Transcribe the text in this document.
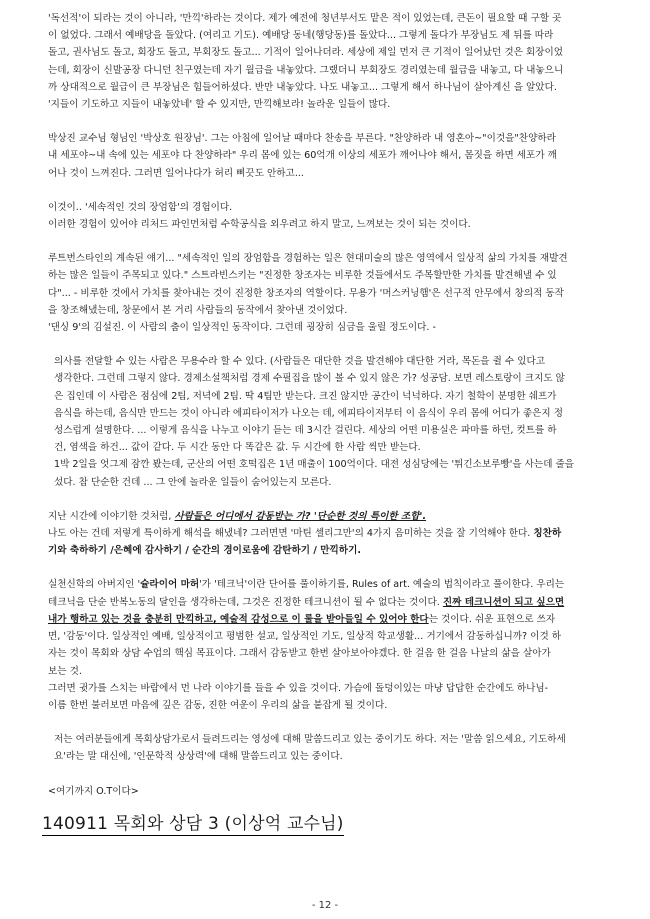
'독선적'이 되라는 것이 아니라, '만끽'하라는 것이다. 제가 예전에 청년부서도 맡은 적이 있었는데, 큰돈이 필요할 때 구할 곳
이 없었다. 그래서 예배당을 돌았다. (여리고 기도). 예배당 동네(행당동)를 돌았다... 그렇게 돌다가 부장님도 제 뒤를 따라
돌고, 권사님도 돌고, 회장도 돌고, 부회장도 돌고... 기적이 일어나더라. 세상에 제일 먼저 큰 기적이 일어났던 것은 회장이었
는데, 회장이 신발공장 다니던 친구였는데 자기 월급을 내놓았다. 그랬더니 부회장도 경리였는데 월급을 내놓고, 다 내놓으니
까 상대적으로 월급이 큰 부장님은 힘들어하셨다. 반만 내놓았다. 나도 내놓고... 그렇게 해서 하나님이 살아계신 을 알았다.
'지들이 기도하고 지들이 내놓았네' 할 수 있지만, 만끽해보라! 놀라운 일들이 많다.
박상진 교수님 형님인 '박상호 원장님'. 그는 아침에 일어날 때마다 찬송을 부른다. "찬양하라 내 영혼아~"이것을"찬양하라
내 세포야~내 속에 있는 세포야 다 찬양하라" 우리 몸에 있는 60억개 이상의 세포가 깨어나야 해서, 몸짓을 하면 세포가 깨
어나 것이 느껴진다. 그러면 일어나다가 허리 삐끗도 안하고...
이것이.. '세속적인 것의 장엄함'의 경험이다.
이러한 경험이 있어야 리처드 파인먼처럼 수학공식을 외우려고 하지 말고, 느껴보는 것이 되는 것이다.
루트번스타인의 계속된 얘기... "세속적인 일의 장엄함을 경험하는 일은 현대미술의 많은 영역에서 일상적 삶의 가치를 재발견
하는 많은 일들이 주목되고 있다." 스트라빈스키는 "진정한 창조자는 비루한 것들에서도 주목할만한 가치를 발견해낼 수 있
다"... - 비루한 것에서 가치를 찾아내는 것이 진정한 창조자의 역할이다. 무용가 '머스커닝햄'은 선구적 안무에서 창의적 동작
을 창조해냈는데, 창문에서 본 거리 사람들의 동작에서 찾아낸 것이었다.
'댄싱 9'의 김설진. 이 사람의 춤이 일상적인 동작이다. 그런데 굉장히 심금을 울릴 정도이다. -
의사를 전달할 수 있는 사람은 무용수라 할 수 있다. (사람들은 대단한 것을 발견해야 대단한 거라, 목돈을 쥘 수 있다고
생각한다. 그런데 그렇지 않다. 경제소설책처럼 경제 수필집을 많이 볼 수 있지 않은 가? 성공담. 보면 레스토랑이 크지도 않
은 집인데 이 사람은 점심에 2팀, 저녁에 2팀. 딱 4팀만 받는다. 크진 않지만 공간이 넉넉하다. 자기 철학이 분명한 쉐프가
음식을 하는데, 음식만 만드는 것이 아니라 에피타이저가 나오는 데, 에피타이저부터 이 음식이 우리 몸에 어디가 좋은지 정
성스럽게 설명한다. ... 이렇게 음식을 나누고 이야기 듣는 데 3시간 걸린다. 세상의 어떤 미용실은 파마를 하던, 컷트를 하
건, 염색을 하건... 값이 같다. 두 시간 동안 다 똑같은 값. 두 시간에 한 사람 씩만 받는다.
1박 2일을 엇그제 잠깐 봤는데, 군산의 어떤 호떡집은 1년 매출이 100억이다. 대전 성심당에는 '튀긴소보루빵'을 사는데 줄을
섰다. 참 단순한 건데 ... 그 안에 놀라운 일들이 숨어있는지 모른다.
지난 시간에 이야기한 것처럼, 사람들은 어디에서 감동받는 가? '단순한 것의 특이한 조합'.
나도 아는 건데 저렇게 특이하게 해석을 해냈네? 그러면면 '마틴 셀리그만'의 4가지 음미하는 것을 잘 기억해야 한다. 칭찬하
기와 축하하기 /은혜에 감사하기 / 순간의 경이로움에 감탄하기 / 만끽하기.
실천신학의 아버지인 '슐라이어 마허'가 '테크닉'이란 단어를 풀이하기를, Rules of art. 예술의 법칙이라고 풀이한다. 우리는
테크닉을 단순 반복노동의 달인을 생각하는데, 그것은 진정한 테크니션이 될 수 없다는 것이다. 진짜 테크니션이 되고 싶으면
내가 행하고 있는 것을 충분히 만끽하고, 예술적 감성으로 이 룰을 받아들일 수 있어야 한다는 것이다. 쉬운 표현으로 쓰자
면, '감동'이다. 일상적인 예배, 일상적이고 평범한 설교, 일상적인 기도, 일상적 학교생활... 거기에서 감동하십니까? 이것 하
자는 것이 목회와 상담 수업의 핵심 목표이다. 그래서 감동받고 한번 살아보아야겠다. 한 걸음 한 걸음 나날의 삶을 살아가
보는 것.
그러면 귓가를 스치는 바람에서 먼 나라 이야기를 들을 수 있을 것이다. 가슴에 돌덩이있는 마냥 답답한 순간에도 하나님-
이름 한번 불러보면 마음에 깊은 감동, 진한 여운이 우리의 삶을 붙잡게 될 것이다.
저는 여러분들에게 목회상담가로서 들려드리는 영성에 대해 말씀드리고 있는 중이기도 하다. 저는 '말씀 읽으세요, 기도하세
요'라는 말 대신에, '인문학적 상상력'에 대해 말씀드리고 있는 중이다.
<여기까지 O.T이다>
140911 목회와 상담 3 (이상억 교수님)
- 12 -
